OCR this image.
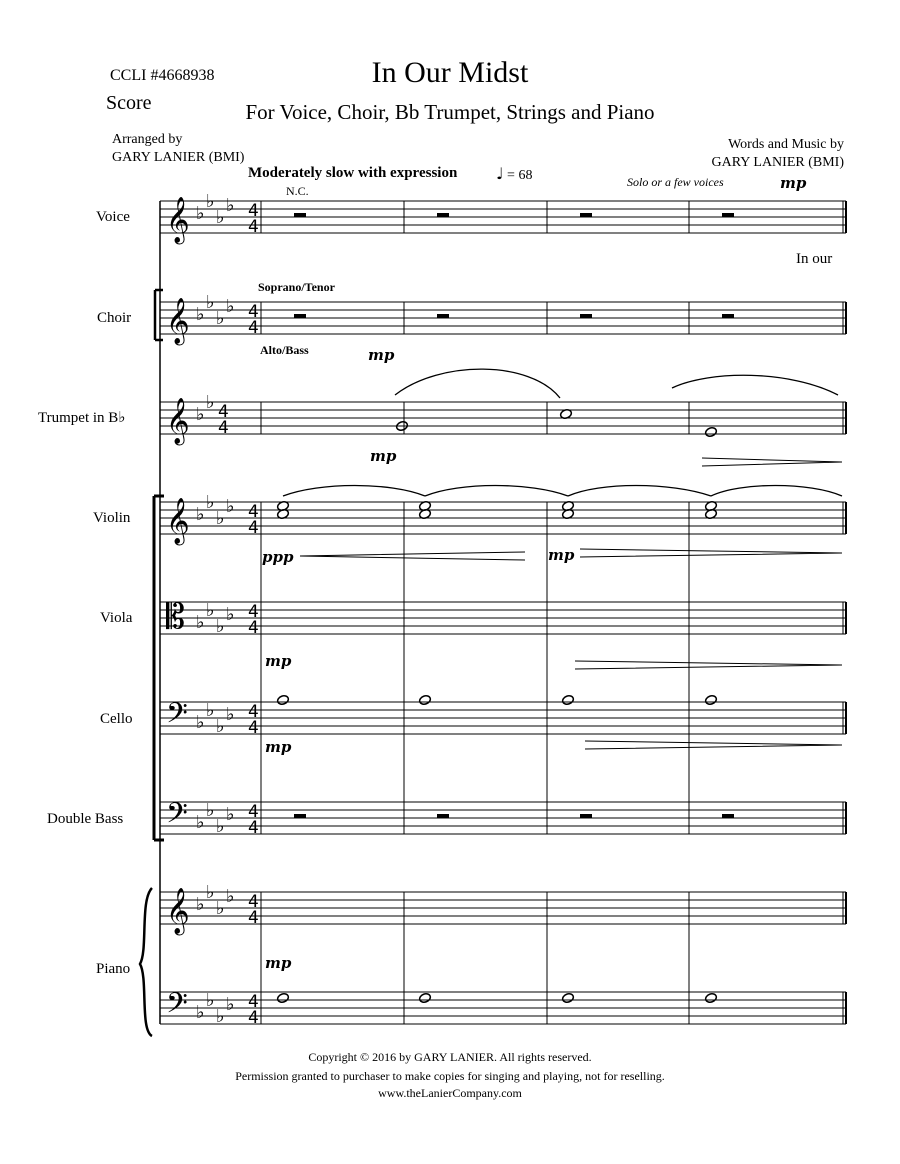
In Our Midst
For Voice, Choir, Bb Trumpet, Strings and Piano
CCLI #4668938
Score
Arranged by
GARY LANIER (BMI)
Words and Music by
GARY LANIER (BMI)
Moderately slow with expression ♩ = 68
N.C.
Solo or a few voices
In our
Soprano/Tenor
Alto/Bass
Voice
Choir
Trumpet in B♭
Violin
Viola
Cello
Double Bass
Piano
mp
mp
mp
ppp	mp
mp
mp
mp
Copyright © 2016 by GARY LANIER. All rights reserved.
Permission granted to purchaser to make copies for singing and playing, not for reselling.
www.theLanierCompany.com
𝄞 ♭
♭
♭
♭ 4
4
𝄞 ♭
♭
♭
♭ 4
4
𝄞 ♭
♭ 4
4
𝄞 ♭
♭
♭
♭ 4
4
𝄡 ♭
♭
♭
♭ 4
4
𝄢 ♭
♭
♭
♭ 4
4
𝄢 ♭
♭
♭
♭ 4
4
𝄞 ♭
♭
♭
♭ 4
4
𝄢 ♭
♭
♭
♭ 4
4
